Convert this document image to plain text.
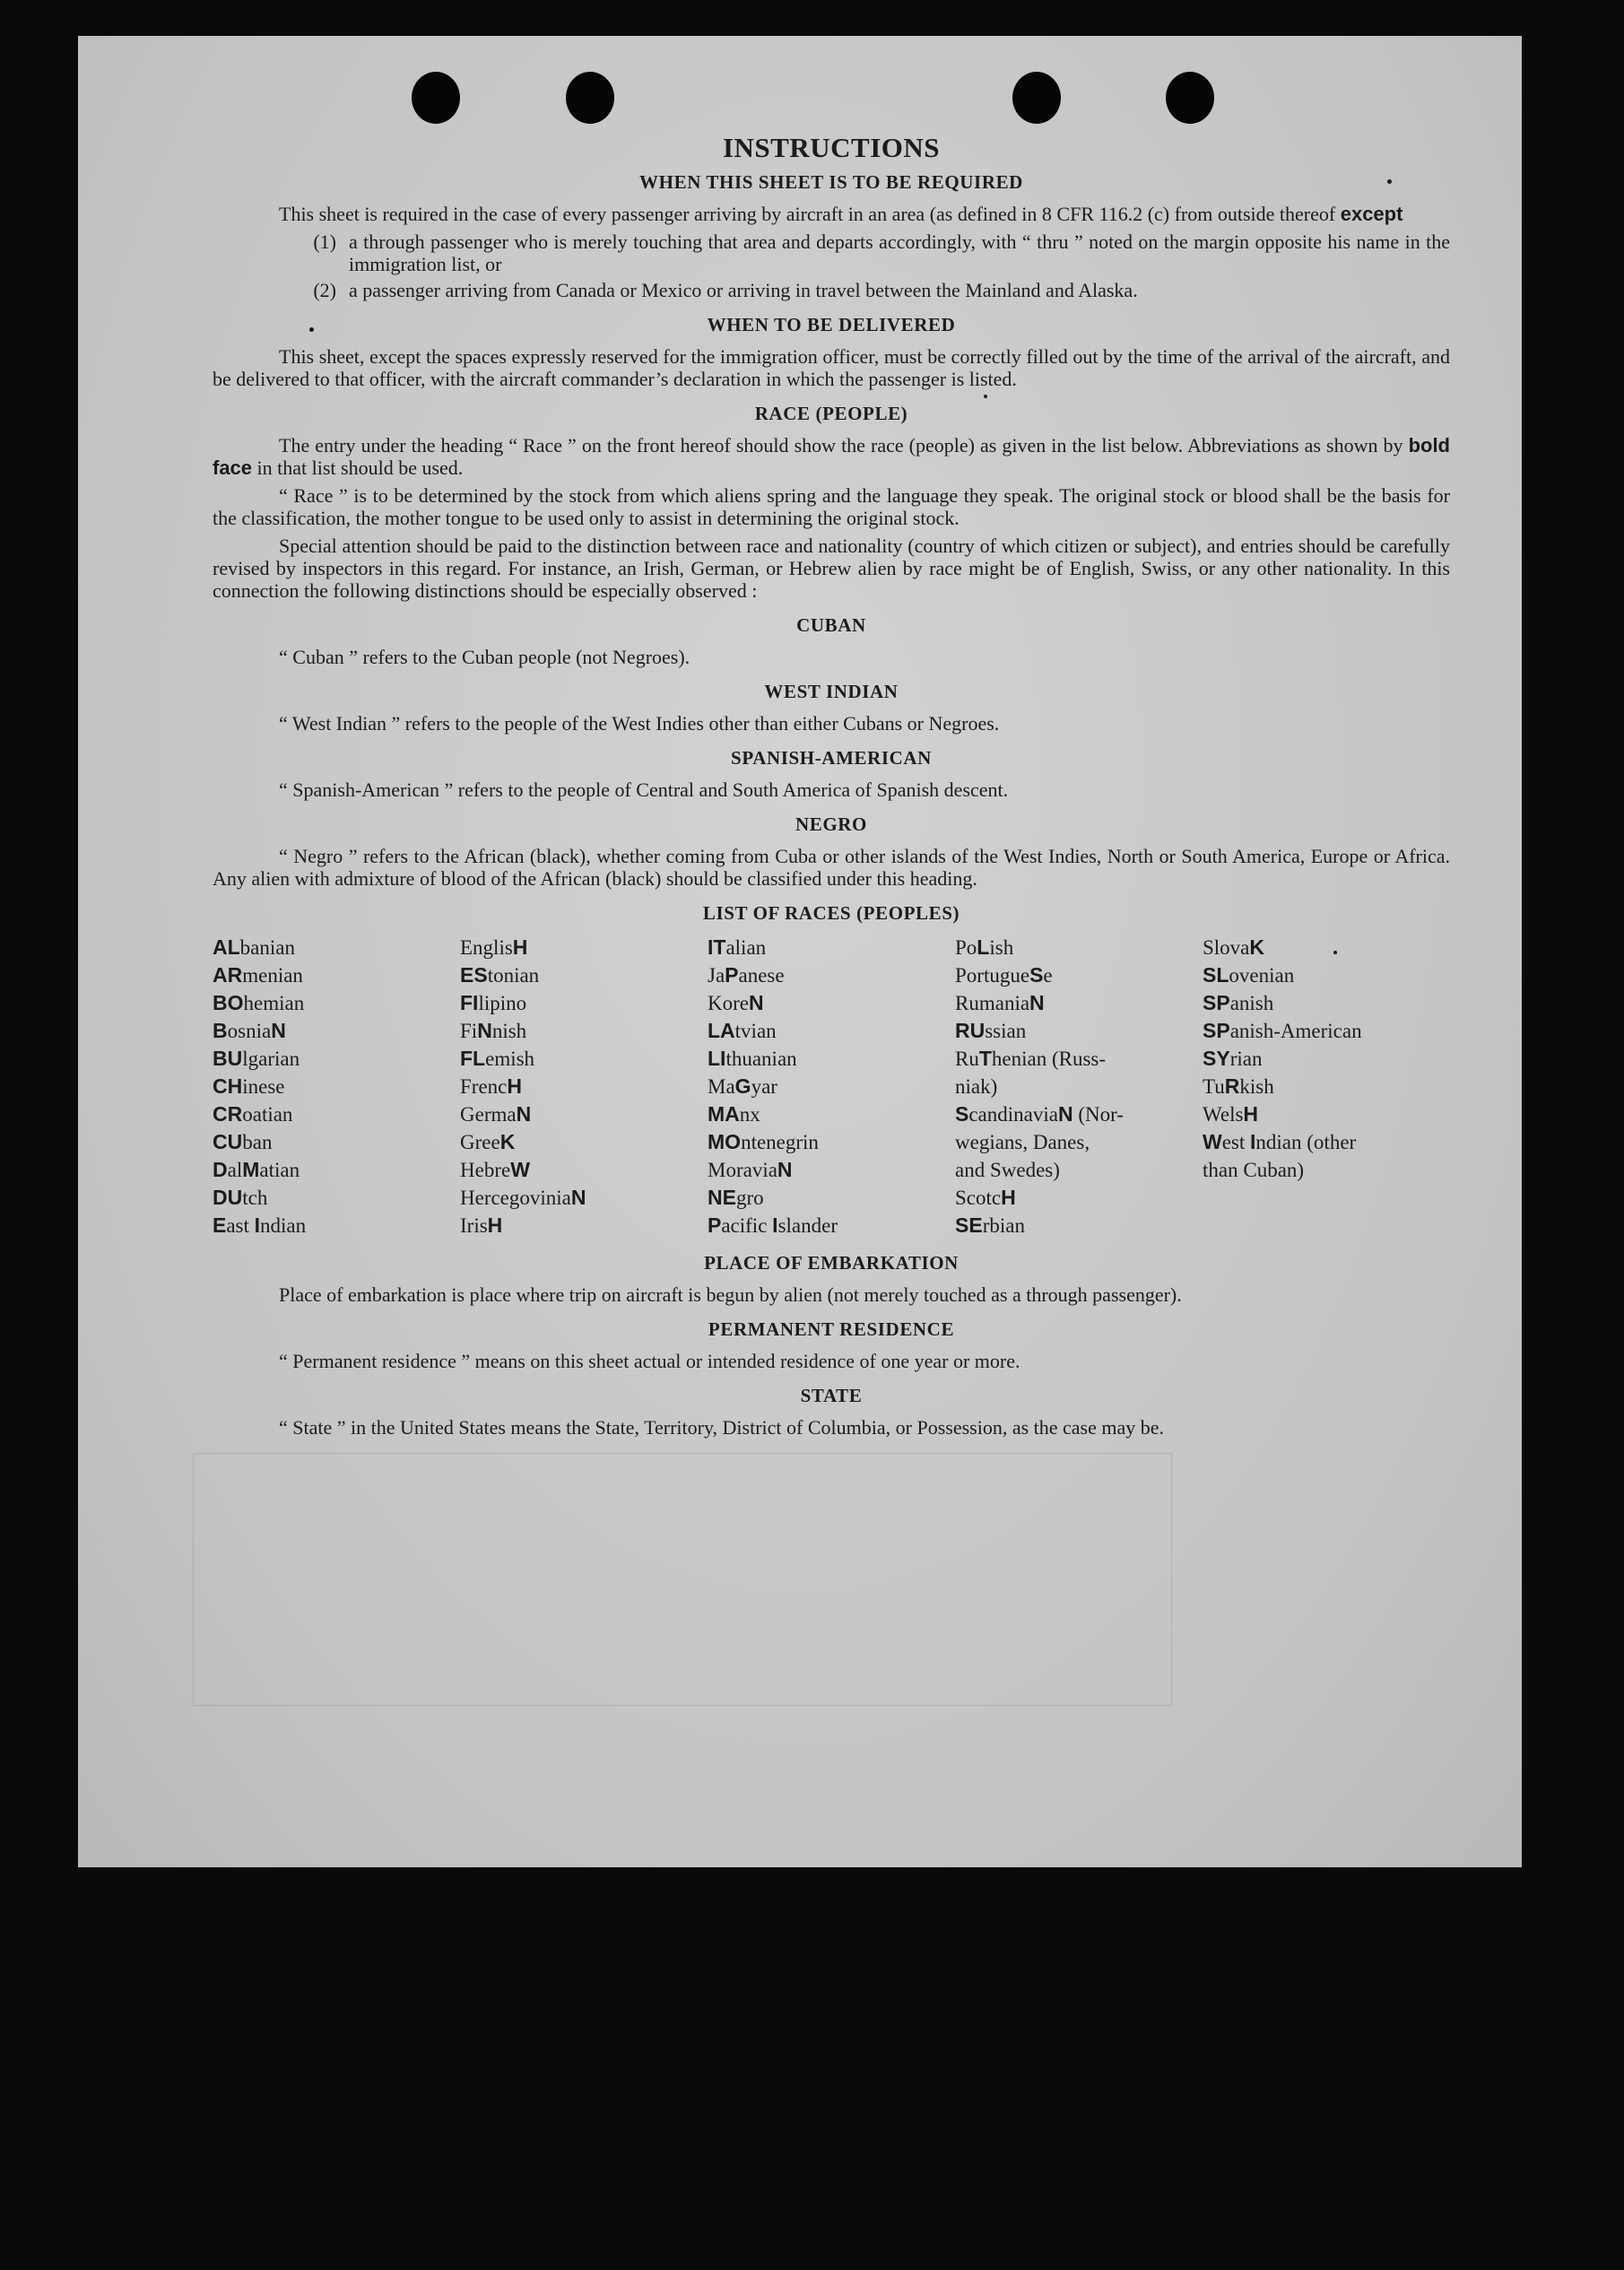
INSTRUCTIONS
WHEN THIS SHEET IS TO BE REQUIRED

This sheet is required in the case of every passenger arriving by aircraft in an area (as defined in 8 CFR 116.2 (c) from outside thereof except

(1) a through passenger who is merely touching that area and departs accordingly, with “ thru ” noted on the margin opposite his name in the immigration list, or
(2) a passenger arriving from Canada or Mexico or arriving in travel between the Mainland and Alaska.
WHEN TO BE DELIVERED

This sheet, except the spaces expressly reserved for the immigration officer, must be correctly filled out by the time of the arrival of the aircraft, and be delivered to that officer, with the aircraft commander’s declaration in which the passenger is listed.

RACE (PEOPLE)

The entry under the heading “ Race ” on the front hereof should show the race (people) as given in the list below. Abbreviations as shown by bold face in that list should be used.

“ Race ” is to be determined by the stock from which aliens spring and the language they speak. The original stock or blood shall be the basis for the classification, the mother tongue to be used only to assist in determining the original stock.

Special attention should be paid to the distinction between race and nationality (country of which citizen or subject), and entries should be carefully revised by inspectors in this regard. For instance, an Irish, German, or Hebrew alien by race might be of English, Swiss, or any other nationality. In this connection the following distinctions should be especially observed :

CUBAN

“ Cuban ” refers to the Cuban people (not Negroes).

WEST INDIAN

“ West Indian ” refers to the people of the West Indies other than either Cubans or Negroes.

SPANISH-AMERICAN

“ Spanish-American ” refers to the people of Central and South America of Spanish descent.

NEGRO

“ Negro ” refers to the African (black), whether coming from Cuba or other islands of the West Indies, North or South America, Europe or Africa. Any alien with admixture of blood of the African (black) should be classified under this heading.

LIST OF RACES (PEOPLES)
ALbanian
ARmenian
BOhemian
BosniaN
BUlgarian
CHinese
CRoatian
CUban
DalMatian
DUtch
East Indian
EnglisH
EStonian
FIlipino
FiNnish
FLemish
FrencH
GermaN
GreeK
HebreW
HercegoviniaN
IrisH
ITalian
JaPanese
KoreN
LAtvian
LIthuanian
MaGyar
MAnx
MOntenegrin
MoraviaN
NEgro
Pacific Islander
PoLish
PortugueSe
RumaniaN
RUssian
RuThenian (Russ-
niak)
ScandinaviaN (Nor-
wegians, Danes,
and Swedes)
ScotcH
SErbian
SlovaK
SLovenian
SPanish
SPanish-American
SYrian
TuRkish
WelsH
West Indian (other
than Cuban)
PLACE OF EMBARKATION

Place of embarkation is place where trip on aircraft is begun by alien (not merely touched as a through passenger).

PERMANENT RESIDENCE

“ Permanent residence ” means on this sheet actual or intended residence of one year or more.

STATE

“ State ” in the United States means the State, Territory, District of Columbia, or Possession, as the case may be.
